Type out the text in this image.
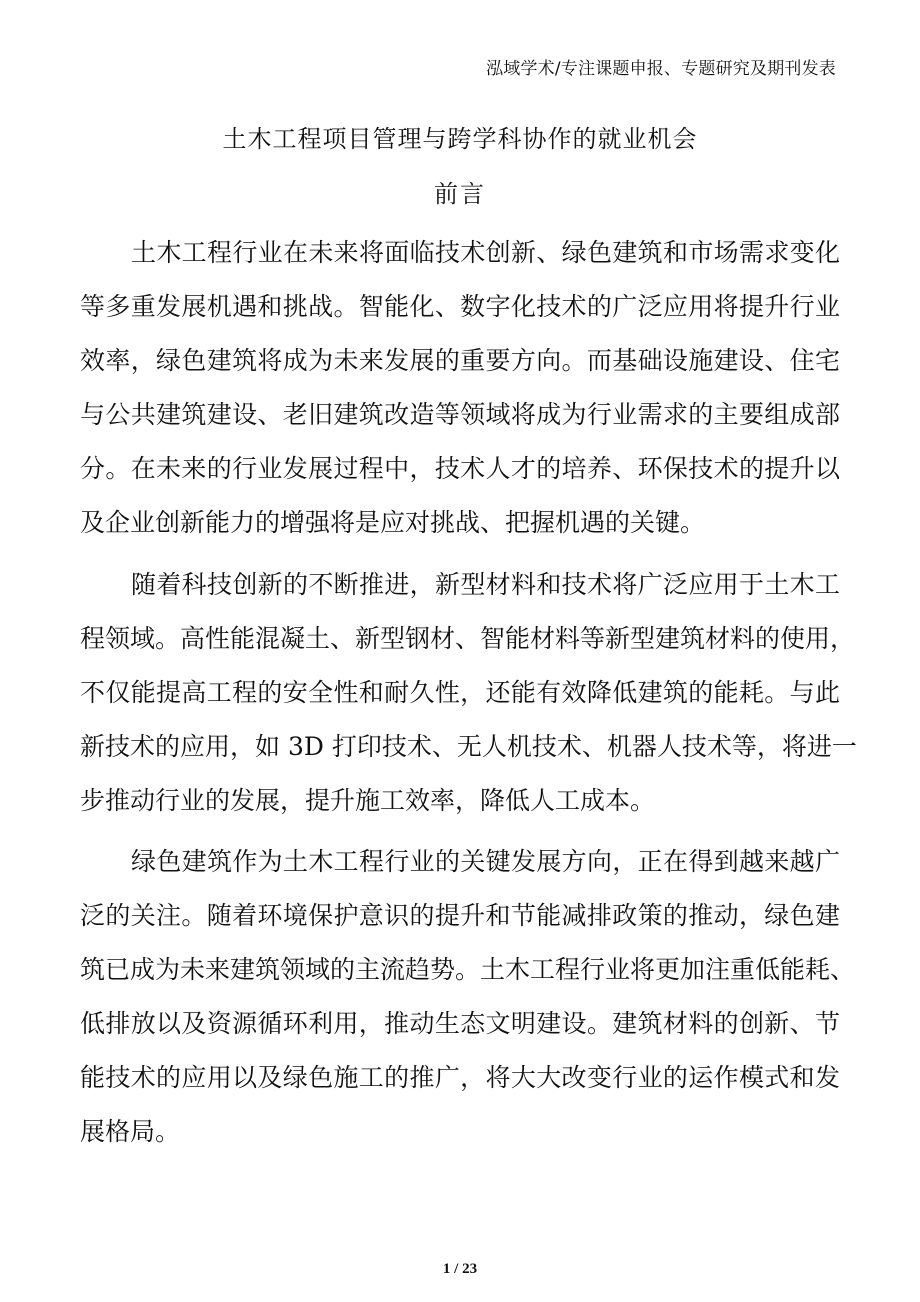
泓域学术/专注课题申报、专题研究及期刊发表
土木工程项目管理与跨学科协作的就业机会
前言
土木工程行业在未来将面临技术创新、绿色建筑和市场需求变化
等多重发展机遇和挑战。智能化、数字化技术的广泛应用将提升行业
效率，绿色建筑将成为未来发展的重要方向。而基础设施建设、住宅
与公共建筑建设、老旧建筑改造等领域将成为行业需求的主要组成部
分。在未来的行业发展过程中，技术人才的培养、环保技术的提升以
及企业创新能力的增强将是应对挑战、把握机遇的关键。
随着科技创新的不断推进，新型材料和技术将广泛应用于土木工
程领域。高性能混凝土、新型钢材、智能材料等新型建筑材料的使用，
不仅能提高工程的安全性和耐久性，还能有效降低建筑的能耗。与此
新技术的应用，如 3D 打印技术、无人机技术、机器人技术等，将进一
步推动行业的发展，提升施工效率，降低人工成本。
绿色建筑作为土木工程行业的关键发展方向，正在得到越来越广
泛的关注。随着环境保护意识的提升和节能减排政策的推动，绿色建
筑已成为未来建筑领域的主流趋势。土木工程行业将更加注重低能耗、
低排放以及资源循环利用，推动生态文明建设。建筑材料的创新、节
能技术的应用以及绿色施工的推广，将大大改变行业的运作模式和发
展格局。
1 / 23
